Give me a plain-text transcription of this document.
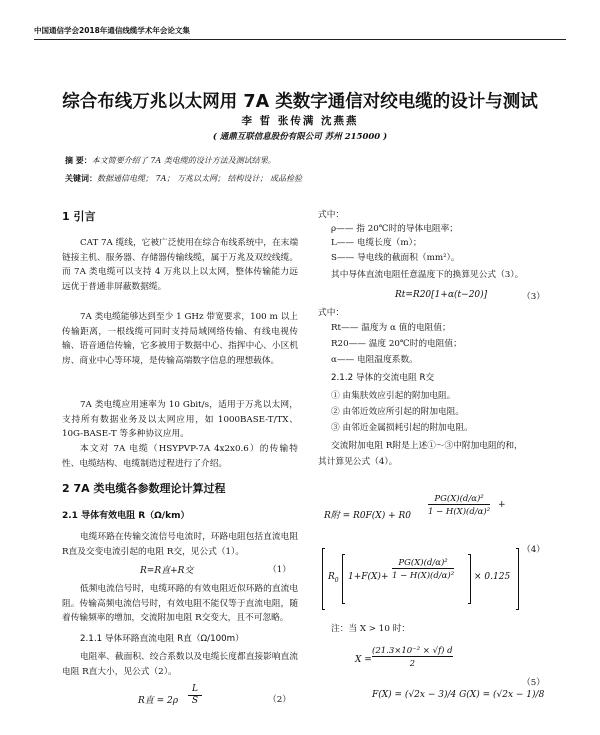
中国通信学会2018年通信线缆学术年会论文集
综合布线万兆以太网用 7A 类数字通信对绞电缆的设计与测试
李 晢 张传满 沈燕燕
( 通鼎互联信息股份有限公司 苏州 215000 )
摘 要：本文简要介绍了 7A 类电缆的设计方法及测试结果。
关键词：数据通信电缆； 7A； 万兆以太网； 结构设计； 成品检验
1 引言

CAT 7A 缆线，它被广泛使用在综合布线系统中，在末端链接主机、服务器、存储器传输线缆，属于万兆及双绞线缆。而 7A 类电缆可以支持 4 万兆以上以太网，整体传输能力远远优于普通非屏蔽数据缆。

7A 类电缆能够达到至少 1 GHz 带宽要求，100 m 以上传输距离，一根线缆可同时支持局域网络传输、有线电视传输、语音通信传输，它多被用于数据中心、指挥中心、小区机房、商业中心等环境，是传输高端数字信息的理想载体。

7A 类电缆应用速率为 10 Gbit/s，适用于万兆以太网，支持所有数据业务及以太网应用，如 1000BASE-T/TX、10G-BASE-T 等多种协议应用。

本文对 7A 电缆（HSYPVP-7A 4x2x0.6）的传输特性、电缆结构、电缆制造过程进行了介绍。

2 7A 类电缆各参数理论计算过程
2.1 导体有效电阻 R（Ω/km）

电缆环路在传输交流信号电流时，环路电阻包括直流电阻 R直及交变电流引起的电阻 R交，见公式（1）。

R=R直+R交	（1）

低频电流信号时，电缆环路的有效电阻近似环路的直流电阻。传输高频电流信号时，有效电阻不能仅等于直流电阻，随着传输频率的增加，交流附加电阻 R交变大，且不可忽略。

2.1.1 导体环路直流电阻 R直（Ω/100m）

电阻率、截面积、绞合系数以及电缆长度都直接影响直流电阻 R直大小，见公式（2）。

R直 = $2\rho \frac{L}{S}$	（2）
式中：
ρ—— 指 20℃时的导体电阻率；
L—— 电缆长度（m）；
S—— 导电线的截面积（mm²）。
其中导体直流电阻任意温度下的换算见公式（3）。
Rt=R20[1+α(t−20)]	（3）
式中：
Rt—— 温度为 α 值的电阻值；
R20—— 温度 20℃时的电阻值；
α—— 电阻温度系数。
2.1.2 导体的交流电阻 R交
① 由集肤效应引起的附加电阻。
② 由邻近效应所引起的附加电阻。
③ 由邻近金属损耗引起的附加电阻。
交流附加电阻 R附是上述①～③中附加电阻的和，
其计算见公式（4）。
R附 = $R0F(X) + R0 \frac{\text{PG(X)(d/α)²}}{\text{1 − H(X)(d/α)²}}$ +
$R_0$ $1+F(X)+ \frac{\text{PG(X)(d/α)²}}{\text{1 − H(X)(d/α)²}} \times 0.125$
（4）
注：当 X > 10 时：
$X = \frac{\text{(21.3×10⁻² × √f) d}}{2}$
F(X) = (√2x − 3)/4 G(X) = (√2x − 1)/8
（5）
